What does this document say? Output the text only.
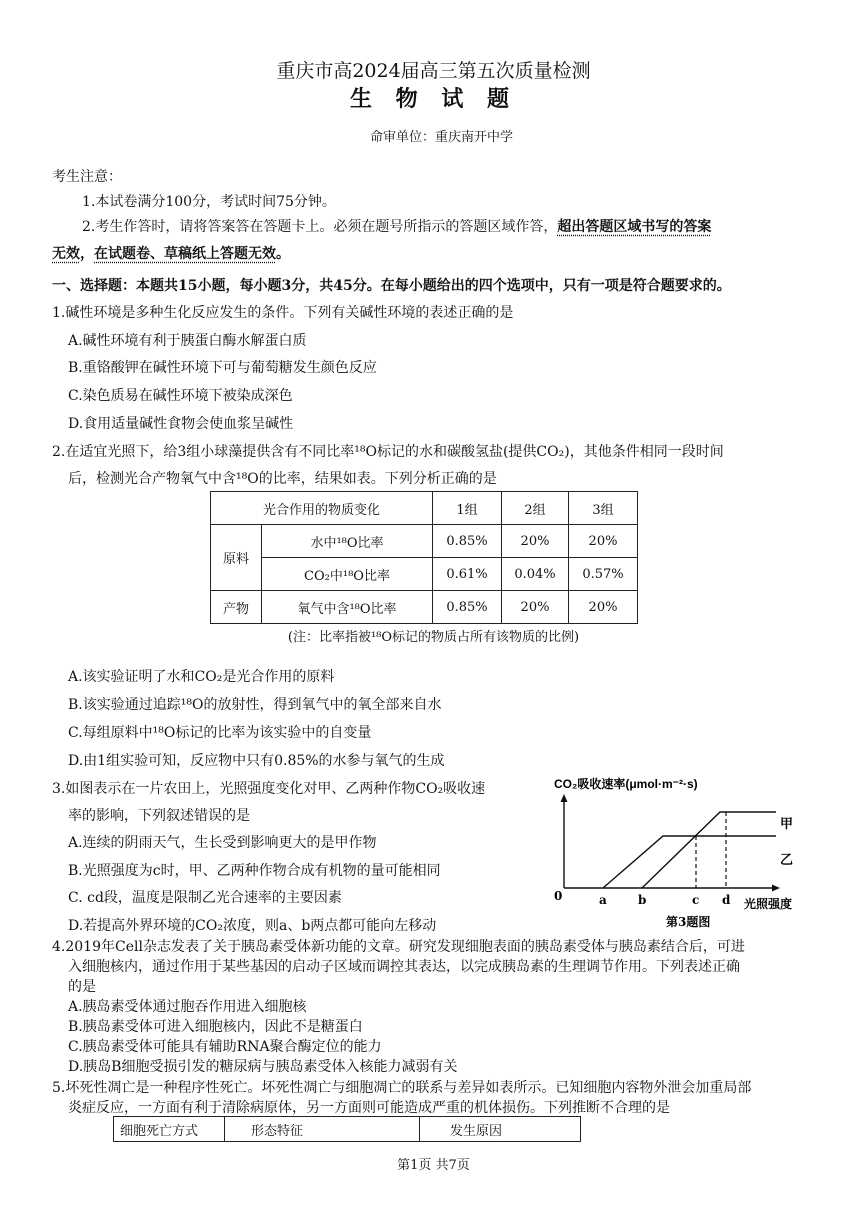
重庆市高2024届高三第五次质量检测
生 物 试 题
命审单位：重庆南开中学
考生注意：
1.本试卷满分100分，考试时间75分钟。
2.考生作答时，请将答案答在答题卡上。必须在题号所指示的答题区域作答，超出答题区域书写的答案
无效，在试题卷、草稿纸上答题无效。
一、选择题：本题共15小题，每小题3分，共45分。在每小题给出的四个选项中，只有一项是符合题要求的。
1.碱性环境是多种生化反应发生的条件。下列有关碱性环境的表述正确的是
A.碱性环境有利于胰蛋白酶水解蛋白质
B.重铬酸钾在碱性环境下可与葡萄糖发生颜色反应
C.染色质易在碱性环境下被染成深色
D.食用适量碱性食物会使血浆呈碱性
2.在适宜光照下，给3组小球藻提供含有不同比率¹⁸O标记的水和碳酸氢盐(提供CO₂)，其他条件相同一段时间
后，检测光合产物氧气中含¹⁸O的比率，结果如表。下列分析正确的是
光合作用的物质变化		1组	2组	3组
原料	水中¹⁸O比率	0.85%	20%	20%
	CO₂中¹⁸O比率	0.61%	0.04%	0.57%
产物	氧气中含¹⁸O比率	0.85%	20%	20%
(注：比率指被¹⁸O标记的物质占所有该物质的比例)
A.该实验证明了水和CO₂是光合作用的原料
B.该实验通过追踪¹⁸O的放射性，得到氧气中的氧全部来自水
C.每组原料中¹⁸O标记的比率为该实验中的自变量
D.由1组实验可知，反应物中只有0.85%的水参与氧气的生成
3.如图表示在一片农田上，光照强度变化对甲、乙两种作物CO₂吸收速
率的影响，下列叙述错误的是
A.连续的阴雨天气，生长受到影响更大的是甲作物
B.光照强度为c时，甲、乙两种作物合成有机物的量可能相同
C. cd段，温度是限制乙光合速率的主要因素
D.若提高外界环境的CO₂浓度，则a、b两点都可能向左移动
CO₂吸收速率(μmol·m⁻²·s)
甲
乙
0	a	b	c d 光照强度
第3题图
4.2019年Cell杂志发表了关于胰岛素受体新功能的文章。研究发现细胞表面的胰岛素受体与胰岛素结合后，可进
入细胞核内，通过作用于某些基因的启动子区域而调控其表达，以完成胰岛素的生理调节作用。下列表述正确
的是
A.胰岛素受体通过胞吞作用进入细胞核
B.胰岛素受体可进入细胞核内，因此不是糖蛋白
C.胰岛素受体可能具有辅助RNA聚合酶定位的能力
D.胰岛B细胞受损引发的糖尿病与胰岛素受体入核能力减弱有关
5.坏死性凋亡是一种程序性死亡。坏死性凋亡与细胞凋亡的联系与差异如表所示。已知细胞内容物外泄会加重局部
炎症反应，一方面有利于清除病原体，另一方面则可能造成严重的机体损伤。下列推断不合理的是
细胞死亡方式	形态特征	发生原因
第1页 共7页
